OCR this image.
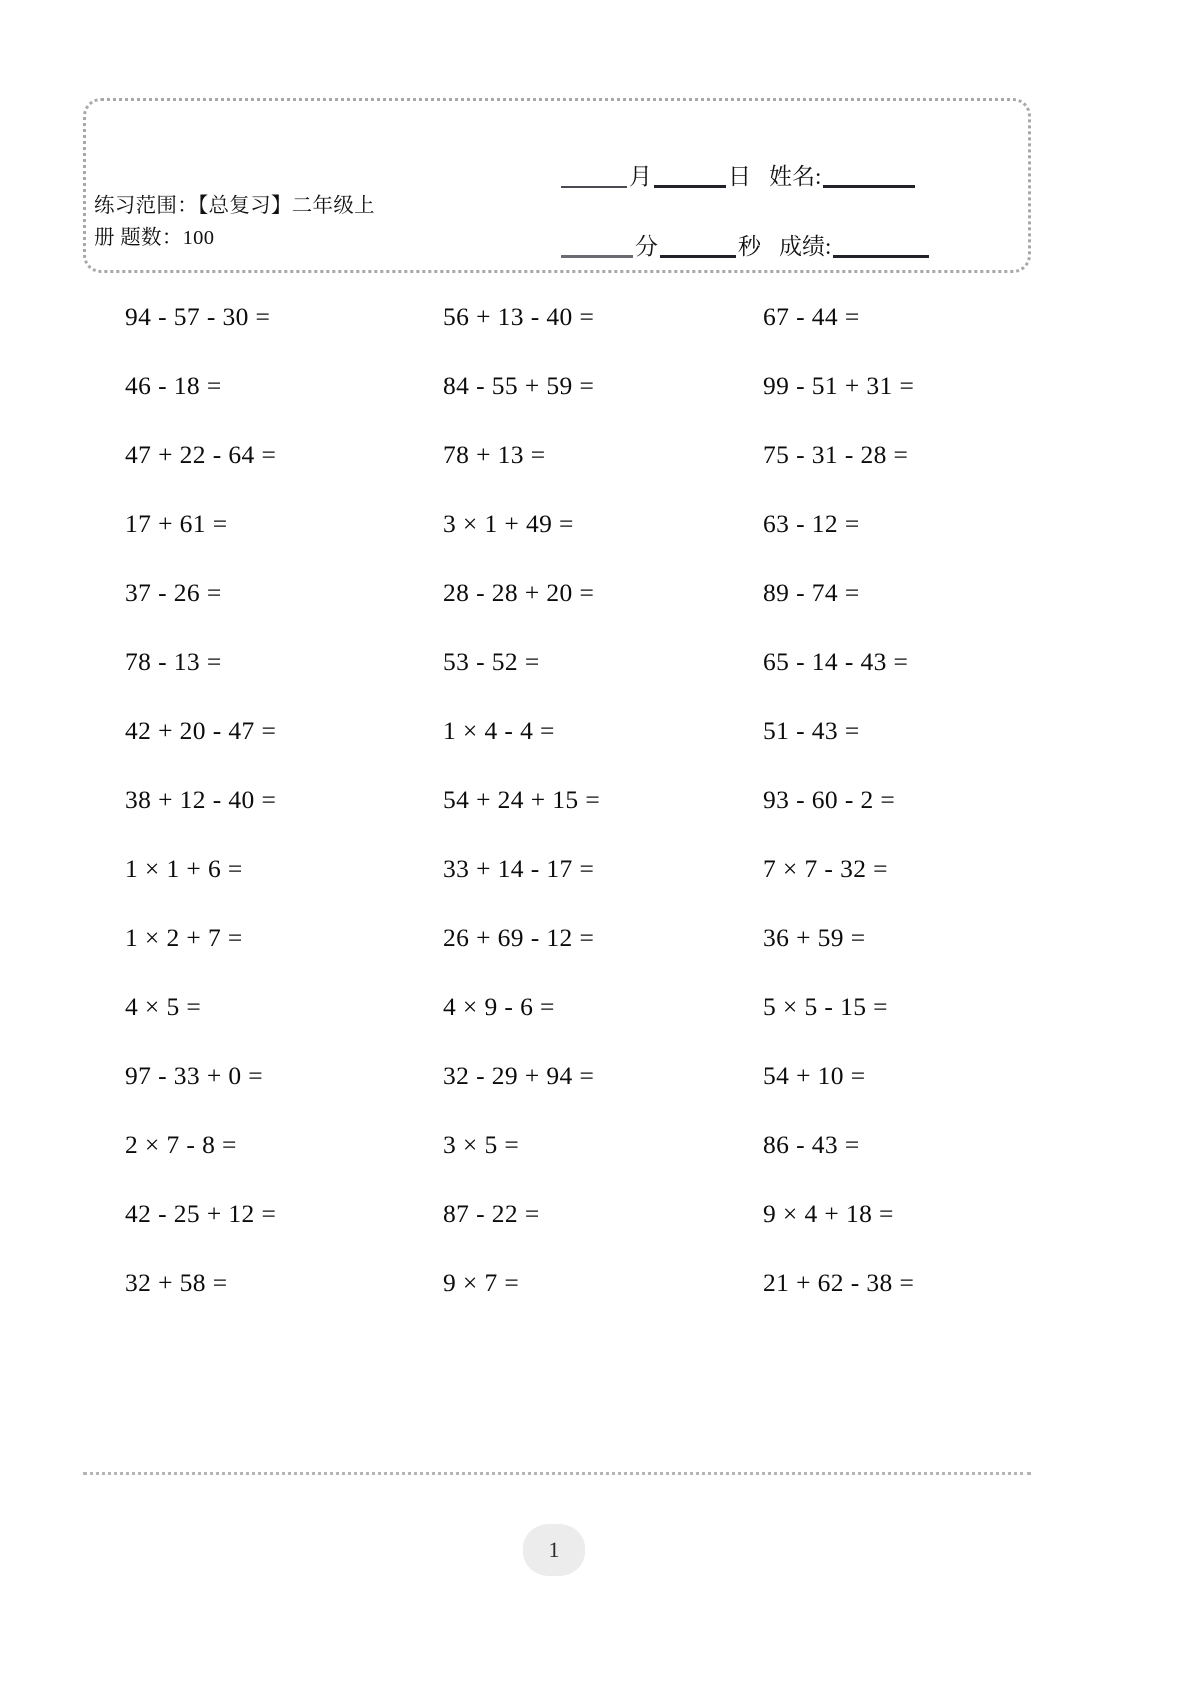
练习范围：【总复习】二年级上
册 题数：100
月	日 姓名:
分	秒 成绩:
94 - 57 - 30 =	56 + 13 - 40 =	67 - 44 =
46 - 18 =	84 - 55 + 59 =	99 - 51 + 31 =
47 + 22 - 64 =	78 + 13 =	75 - 31 - 28 =
17 + 61 =	3 × 1 + 49 =	63 - 12 =
37 - 26 =	28 - 28 + 20 =	89 - 74 =
78 - 13 =	53 - 52 =	65 - 14 - 43 =
42 + 20 - 47 =	1 × 4 - 4 =	51 - 43 =
38 + 12 - 40 =	54 + 24 + 15 =	93 - 60 - 2 =
1 × 1 + 6 =	33 + 14 - 17 =	7 × 7 - 32 =
1 × 2 + 7 =	26 + 69 - 12 =	36 + 59 =
4 × 5 =	4 × 9 - 6 =	5 × 5 - 15 =
97 - 33 + 0 =	32 - 29 + 94 =	54 + 10 =
2 × 7 - 8 =	3 × 5 =	86 - 43 =
42 - 25 + 12 =	87 - 22 =	9 × 4 + 18 =
32 + 58 =	9 × 7 =	21 + 62 - 38 =
1
